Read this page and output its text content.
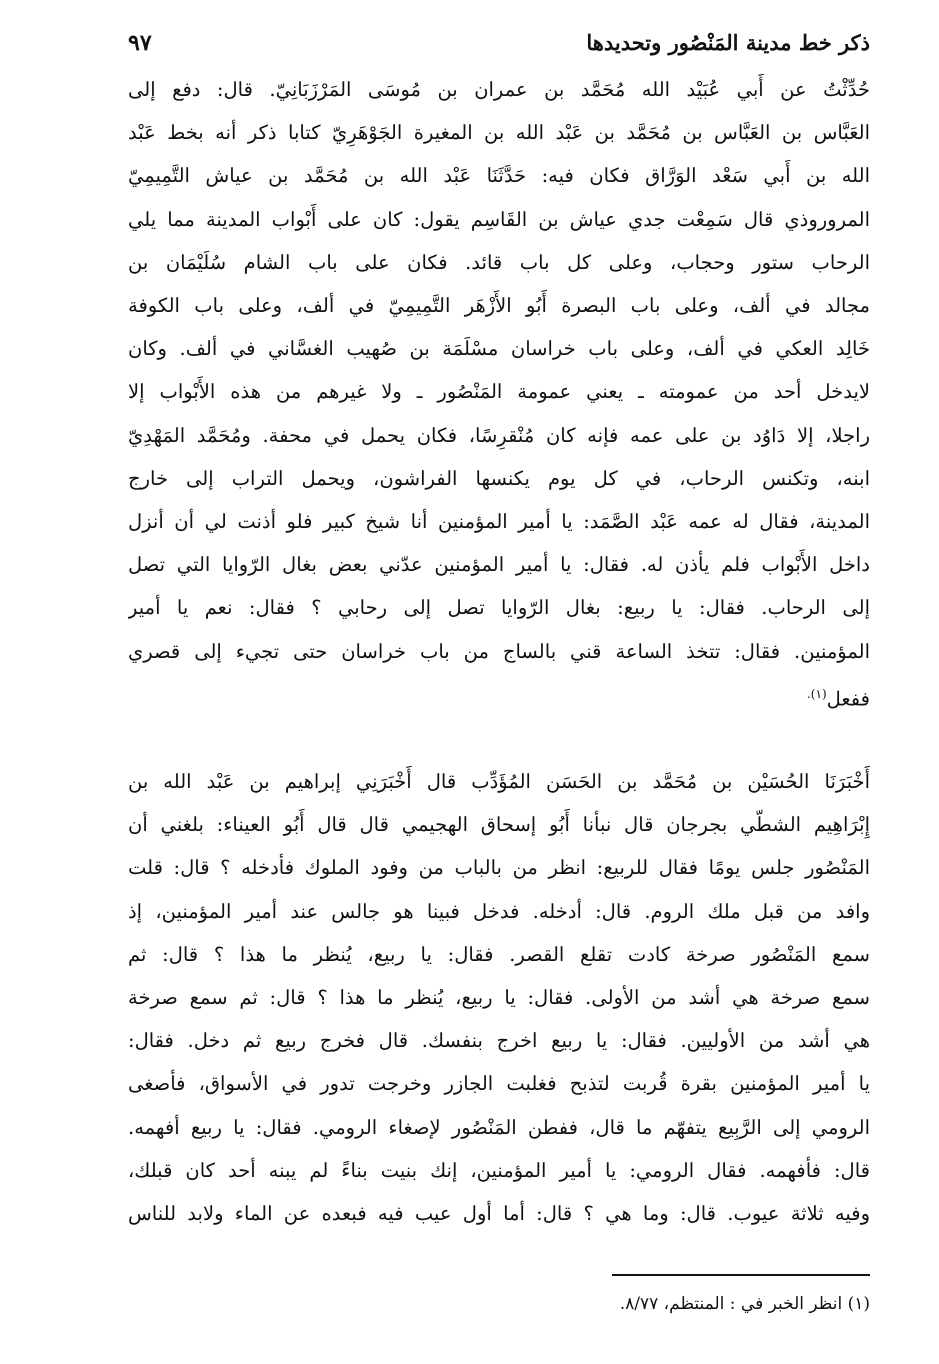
ذكر خط مدينة المَنْصُور وتحديدها
٩٧
حُدِّثْتُ عن أَبي عُبَيْد الله مُحَمَّد بن عمران بن مُوسَى المَرْزَبَانِيّ. قال: دفع إلى
العَبَّاس بن العَبَّاس بن مُحَمَّد بن عَبْد الله بن المغيرة الجَوْهَرِيّ كتابا ذكر أنه بخط عَبْد
الله بن أَبي سَعْد الوَرَّاق فكان فيه: حَدَّثَنَا عَبْد الله بن مُحَمَّد بن عياش التَّمِيمِيّ
المروروذي قال سَمِعْت جدي عياش بن القَاسِم يقول: كان على أَبْواب المدينة مما يلي
الرحاب ستور وحجاب، وعلى كل باب قائد. فكان على باب الشام سُلَيْمَان بن
مجالد في ألف، وعلى باب البصرة أَبُو الأَزْهَر التَّمِيمِيّ في ألف، وعلى باب الكوفة
خَالِد العكي في ألف، وعلى باب خراسان مسْلَمَة بن صُهيب الغسَّاني في ألف. وكان
لايدخل أحد من عمومته ـ يعني عمومة المَنْصُور ـ ولا غيرهم من هذه الأَبْواب إلا
راجلا، إلا دَاوُد بن على عمه فإنه كان مُنْقرِسًا، فكان يحمل في محفة. ومُحَمَّد المَهْدِيّ
ابنه، وتكنس الرحاب، في كل يوم يكنسها الفراشون، ويحمل التراب إلى خارج
المدينة، فقال له عمه عَبْد الصَّمَد: يا أمير المؤمنين أنا شيخ كبير فلو أذنت لي أن أنزل
داخل الأَبْواب فلم يأذن له. فقال: يا أمير المؤمنين عدّني بعض بغال الرّوايا التي تصل
إلى الرحاب. فقال: يا ربيع: بغال الرّوايا تصل إلى رحابي ؟ فقال: نعم يا أمير
المؤمنين. فقال: تتخذ الساعة قني بالساج من باب خراسان حتى تجيء إلى قصري
ففعل$^{(١).}$
أَخْبَرَنَا الحُسَيْن بن مُحَمَّد بن الحَسَن المُؤَدِّب قال أَخْبَرَنِي إبراهيم بن عَبْد الله بن
إِبْرَاهِيم الشطّي بجرجان قال نبأنا أَبُو إسحاق الهجيمي قال قال أَبُو العيناء: بلغني أن
المَنْصُور جلس يومًا فقال للربيع: انظر من بالباب من وفود الملوك فأدخله ؟ قال: قلت
وافد من قبل ملك الروم. قال: أدخله. فدخل فبينا هو جالس عند أمير المؤمنين، إذ
سمع المَنْصُور صرخة كادت تقلع القصر. فقال: يا ربيع، يُنظر ما هذا ؟ قال: ثم
سمع صرخة هي أشد من الأولى. فقال: يا ربيع، يُنظر ما هذا ؟ قال: ثم سمع صرخة
هي أشد من الأوليين. فقال: يا ربيع اخرج بنفسك. قال فخرج ربيع ثم دخل. فقال:
يا أمير المؤمنين بقرة قُربت لتذبح فغلبت الجازر وخرجت تدور في الأسواق، فأصغى
الرومي إلى الرَّبِيع يتفهّم ما قال، ففطن المَنْصُور لإصغاء الرومي. فقال: يا ربيع أفهمه.
قال: فأفهمه. فقال الرومي: يا أمير المؤمنين، إنك بنيت بناءً لم يبنه أحد كان قبلك،
وفيه ثلاثة عيوب. قال: وما هي ؟ قال: أما أول عيب فيه فبعده عن الماء ولابد للناس
(١) انظر الخبر في : المنتظم، ٨/٧٧.
